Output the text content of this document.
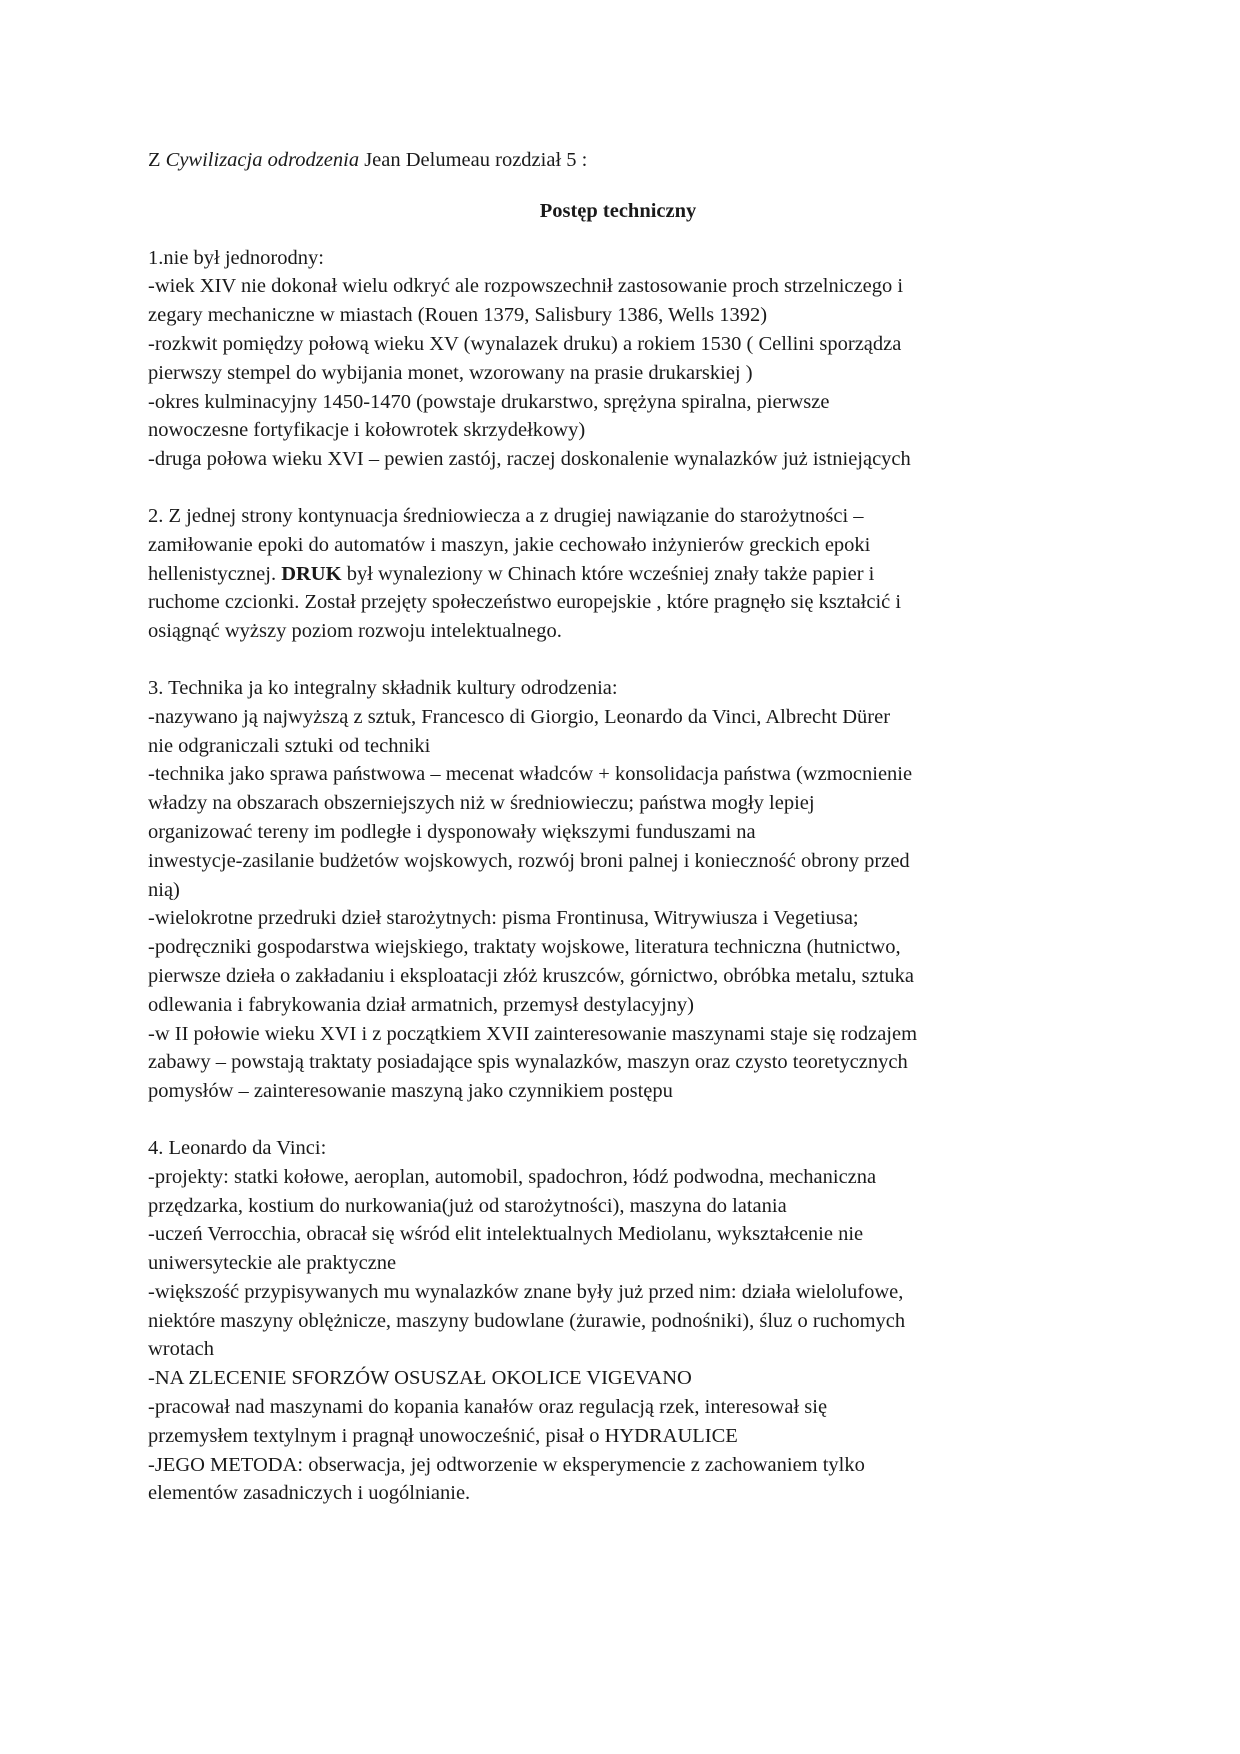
Z Cywilizacja odrodzenia Jean Delumeau rozdział 5 :
Postęp techniczny
1.nie był jednorodny:
-wiek XIV nie dokonał wielu odkryć ale rozpowszechnił zastosowanie proch strzelniczego i
zegary mechaniczne w miastach (Rouen 1379, Salisbury 1386, Wells 1392)
-rozkwit pomiędzy połową wieku XV (wynalazek druku) a rokiem 1530 ( Cellini sporządza
pierwszy stempel do wybijania monet, wzorowany na prasie drukarskiej )
-okres kulminacyjny 1450-1470 (powstaje drukarstwo, sprężyna spiralna, pierwsze
nowoczesne fortyfikacje i kołowrotek skrzydełkowy)
-druga połowa wieku XVI – pewien zastój, raczej doskonalenie wynalazków już istniejących
2. Z jednej strony kontynuacja średniowiecza a z drugiej nawiązanie do starożytności –
zamiłowanie epoki do automatów i maszyn, jakie cechowało inżynierów greckich epoki
hellenistycznej. DRUK był wynaleziony w Chinach które wcześniej znały także papier i
ruchome czcionki. Został przejęty społeczeństwo europejskie , które pragnęło się kształcić i
osiągnąć wyższy poziom rozwoju intelektualnego.
3. Technika ja ko integralny składnik kultury odrodzenia:
-nazywano ją najwyższą z sztuk, Francesco di Giorgio, Leonardo da Vinci, Albrecht Dürer
nie odgraniczali sztuki od techniki
-technika jako sprawa państwowa – mecenat władców + konsolidacja państwa (wzmocnienie
władzy na obszarach obszerniejszych niż w średniowieczu; państwa mogły lepiej
organizować tereny im podległe i dysponowały większymi funduszami na
inwestycje-zasilanie budżetów wojskowych, rozwój broni palnej i konieczność obrony przed
nią)
-wielokrotne przedruki dzieł starożytnych: pisma Frontinusa, Witrywiusza i Vegetiusa;
-podręczniki gospodarstwa wiejskiego, traktaty wojskowe, literatura techniczna (hutnictwo,
pierwsze dzieła o zakładaniu i eksploatacji złóż kruszców, górnictwo, obróbka metalu, sztuka
odlewania i fabrykowania dział armatnich, przemysł destylacyjny)
-w II połowie wieku XVI i z początkiem XVII zainteresowanie maszynami staje się rodzajem
zabawy – powstają traktaty posiadające spis wynalazków, maszyn oraz czysto teoretycznych
pomysłów – zainteresowanie maszyną jako czynnikiem postępu
4. Leonardo da Vinci:
-projekty: statki kołowe, aeroplan, automobil, spadochron, łódź podwodna, mechaniczna
przędzarka, kostium do nurkowania(już od starożytności), maszyna do latania
-uczeń Verrocchia, obracał się wśród elit intelektualnych Mediolanu, wykształcenie nie
uniwersyteckie ale praktyczne
-większość przypisywanych mu wynalazków znane były już przed nim: działa wielolufowe,
niektóre maszyny oblężnicze, maszyny budowlane (żurawie, podnośniki), śluz o ruchomych
wrotach
-NA ZLECENIE SFORZÓW OSUSZAŁ OKOLICE VIGEVANO
-pracował nad maszynami do kopania kanałów oraz regulacją rzek, interesował się
przemysłem textylnym i pragnął unowocześnić, pisał o HYDRAULICE
-JEGO METODA: obserwacja, jej odtworzenie w eksperymencie z zachowaniem tylko
elementów zasadniczych i uogólnianie.
